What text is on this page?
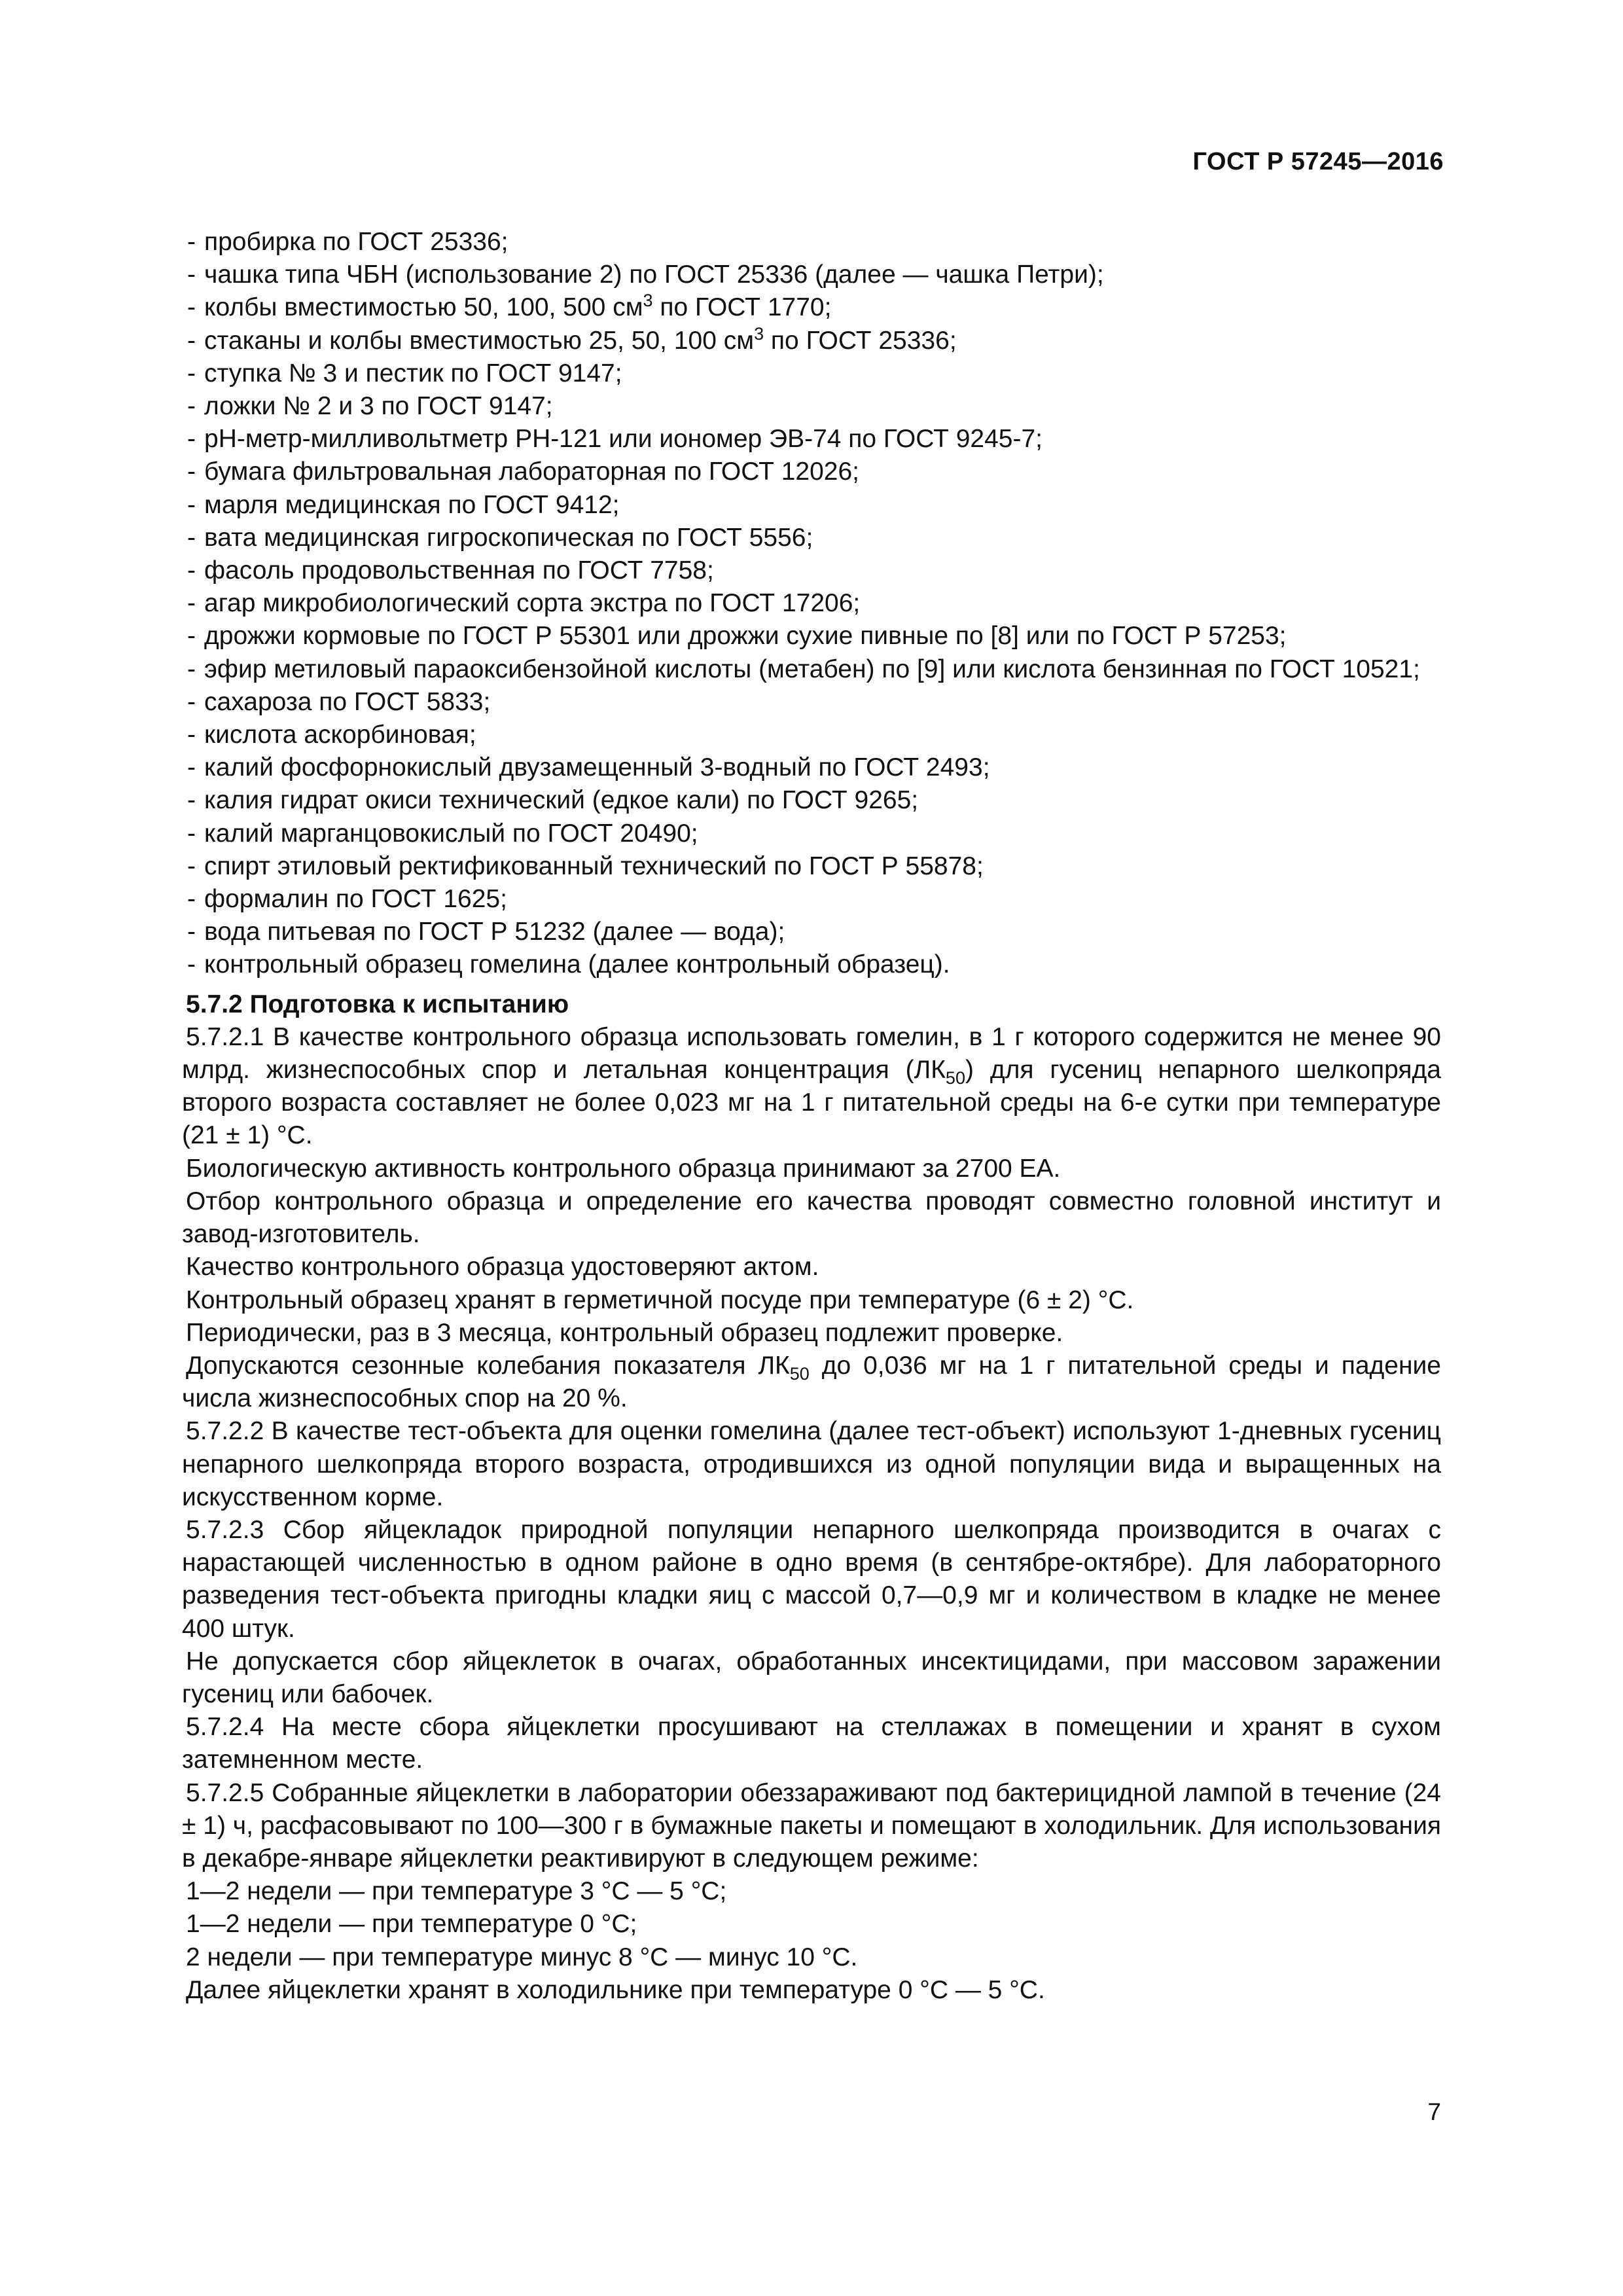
ГОСТ Р 57245—2016
- пробирка по ГОСТ 25336;
- чашка типа ЧБН (использование 2) по ГОСТ 25336 (далее — чашка Петри);
- колбы вместимостью 50, 100, 500 $см^3$ по ГОСТ 1770;
- стаканы и колбы вместимостью 25, 50, 100 $см^3$ по ГОСТ 25336;
- ступка № 3 и пестик по ГОСТ 9147;
- ложки № 2 и 3 по ГОСТ 9147;
- pH-метр-милливольтметр PH-121 или иономер ЭВ-74 по ГОСТ 9245-7;
- бумага фильтровальная лабораторная по ГОСТ 12026;
- марля медицинская по ГОСТ 9412;
- вата медицинская гигроскопическая по ГОСТ 5556;
- фасоль продовольственная по ГОСТ 7758;
- агар микробиологический сорта экстра по ГОСТ 17206;
- дрожжи кормовые по ГОСТ Р 55301 или дрожжи сухие пивные по [8] или по ГОСТ Р 57253;
- эфир метиловый параоксибензойной кислоты (метабен) по [9] или кислота бензинная по ГОСТ 10521;
- сахароза по ГОСТ 5833;
- кислота аскорбиновая;
- калий фосфорнокислый двузамещенный 3-водный по ГОСТ 2493;
- калия гидрат окиси технический (едкое кали) по ГОСТ 9265;
- калий марганцовокислый по ГОСТ 20490;
- спирт этиловый ректификованный технический по ГОСТ Р 55878;
- формалин по ГОСТ 1625;
- вода питьевая по ГОСТ Р 51232 (далее — вода);
- контрольный образец гомелина (далее контрольный образец).
5.7.2 Подготовка к испытанию

5.7.2.1 В качестве контрольного образца использовать гомелин, в 1 г которого содержится не менее 90 млрд. жизнеспособных спор и летальная концентрация $(ЛК_{50})$ для гусениц непарного шелкопряда второго возраста составляет не более 0,023 мг на 1 г питательной среды на 6-е сутки при температуре (21 ± 1) °С.

Биологическую активность контрольного образца принимают за 2700 ЕА.

Отбор контрольного образца и определение его качества проводят совместно головной институт и завод-изготовитель.

Качество контрольного образца удостоверяют актом.

Контрольный образец хранят в герметичной посуде при температуре (6 ± 2) °С.

Периодически, раз в 3 месяца, контрольный образец подлежит проверке.

Допускаются сезонные колебания показателя $ЛК_{50}$ до 0,036 мг на 1 г питательной среды и падение числа жизнеспособных спор на 20 %.

5.7.2.2 В качестве тест-объекта для оценки гомелина (далее тест-объект) используют 1-дневных гусениц непарного шелкопряда второго возраста, отродившихся из одной популяции вида и выращенных на искусственном корме.

5.7.2.3 Сбор яйцекладок природной популяции непарного шелкопряда производится в очагах с нарастающей численностью в одном районе в одно время (в сентябре-октябре). Для лабораторного разведения тест-объекта пригодны кладки яиц с массой 0,7—0,9 мг и количеством в кладке не менее 400 штук.

Не допускается сбор яйцеклеток в очагах, обработанных инсектицидами, при массовом заражении гусениц или бабочек.

5.7.2.4 На месте сбора яйцеклетки просушивают на стеллажах в помещении и хранят в сухом затемненном месте.

5.7.2.5 Собранные яйцеклетки в лаборатории обеззараживают под бактерицидной лампой в течение (24 ± 1) ч, расфасовывают по 100—300 г в бумажные пакеты и помещают в холодильник. Для использования в декабре-январе яйцеклетки реактивируют в следующем режиме:

1—2 недели — при температуре 3 °С — 5 °С;

1—2 недели — при температуре 0 °С;

2 недели — при температуре минус 8 °С — минус 10 °С.

Далее яйцеклетки хранят в холодильнике при температуре 0 °С — 5 °С.

7
